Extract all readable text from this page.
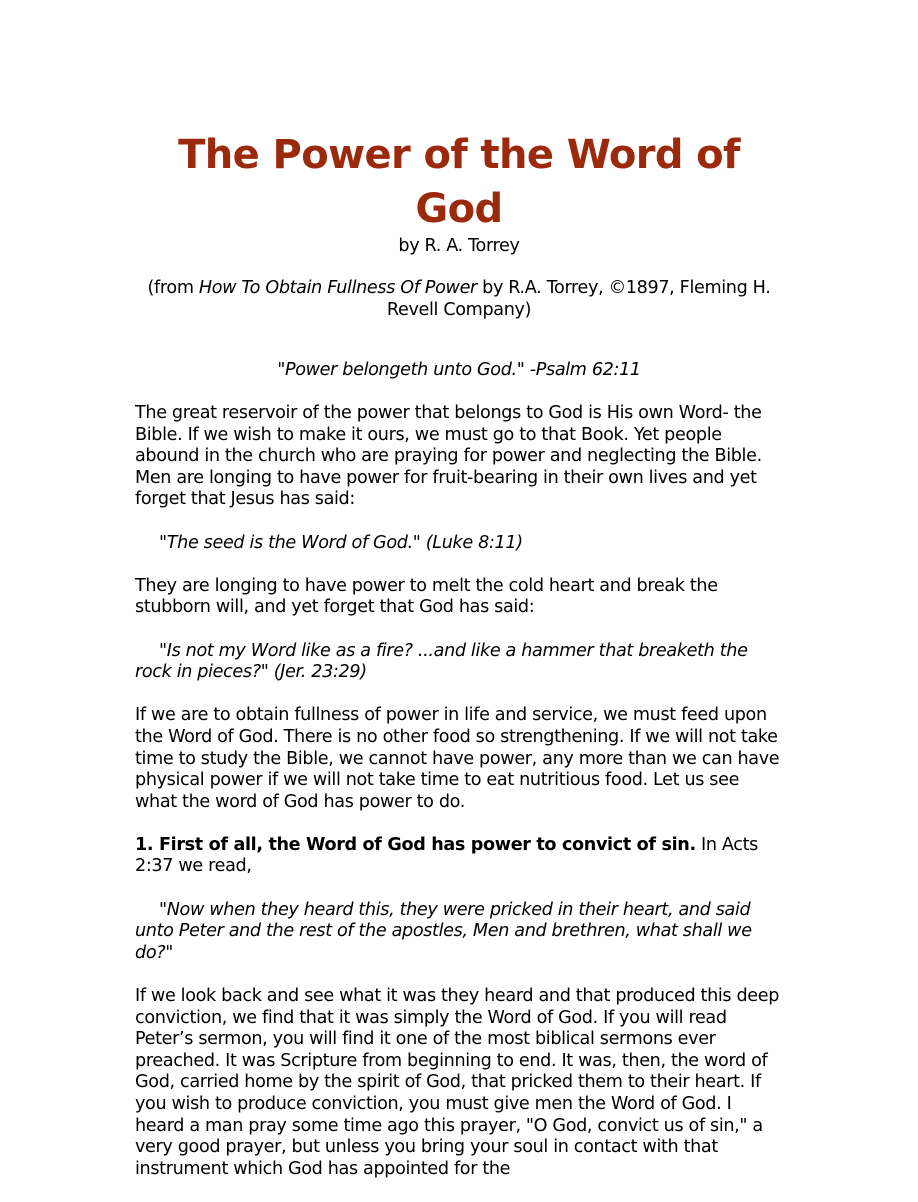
The Power of the Word of God

by R. A. Torrey

(from How To Obtain Fullness Of Power by R.A. Torrey, ©1897, Fleming H. Revell Company)

"Power belongeth unto God." -Psalm 62:11

The great reservoir of the power that belongs to God is His own Word- the Bible. If we wish to make it ours, we must go to that Book. Yet people abound in the church who are praying for power and neglecting the Bible. Men are longing to have power for fruit-bearing in their own lives and yet forget that Jesus has said:

"The seed is the Word of God." (Luke 8:11)

They are longing to have power to melt the cold heart and break the stubborn will, and yet forget that God has said:

"Is not my Word like as a fire? ...and like a hammer that breaketh the rock in pieces?" (Jer. 23:29)

If we are to obtain fullness of power in life and service, we must feed upon the Word of God. There is no other food so strengthening. If we will not take time to study the Bible, we cannot have power, any more than we can have physical power if we will not take time to eat nutritious food. Let us see what the word of God has power to do.

1. First of all, the Word of God has power to convict of sin. In Acts 2:37 we read,

"Now when they heard this, they were pricked in their heart, and said unto Peter and the rest of the apostles, Men and brethren, what shall we do?"

If we look back and see what it was they heard and that produced this deep conviction, we find that it was simply the Word of God. If you will read Peter’s sermon, you will find it one of the most biblical sermons ever preached. It was Scripture from beginning to end. It was, then, the word of God, carried home by the spirit of God, that pricked them to their heart. If you wish to produce conviction, you must give men the Word of God. I heard a man pray some time ago this prayer, "O God, convict us of sin," a very good prayer, but unless you bring your soul in contact with that instrument which God has appointed for the
